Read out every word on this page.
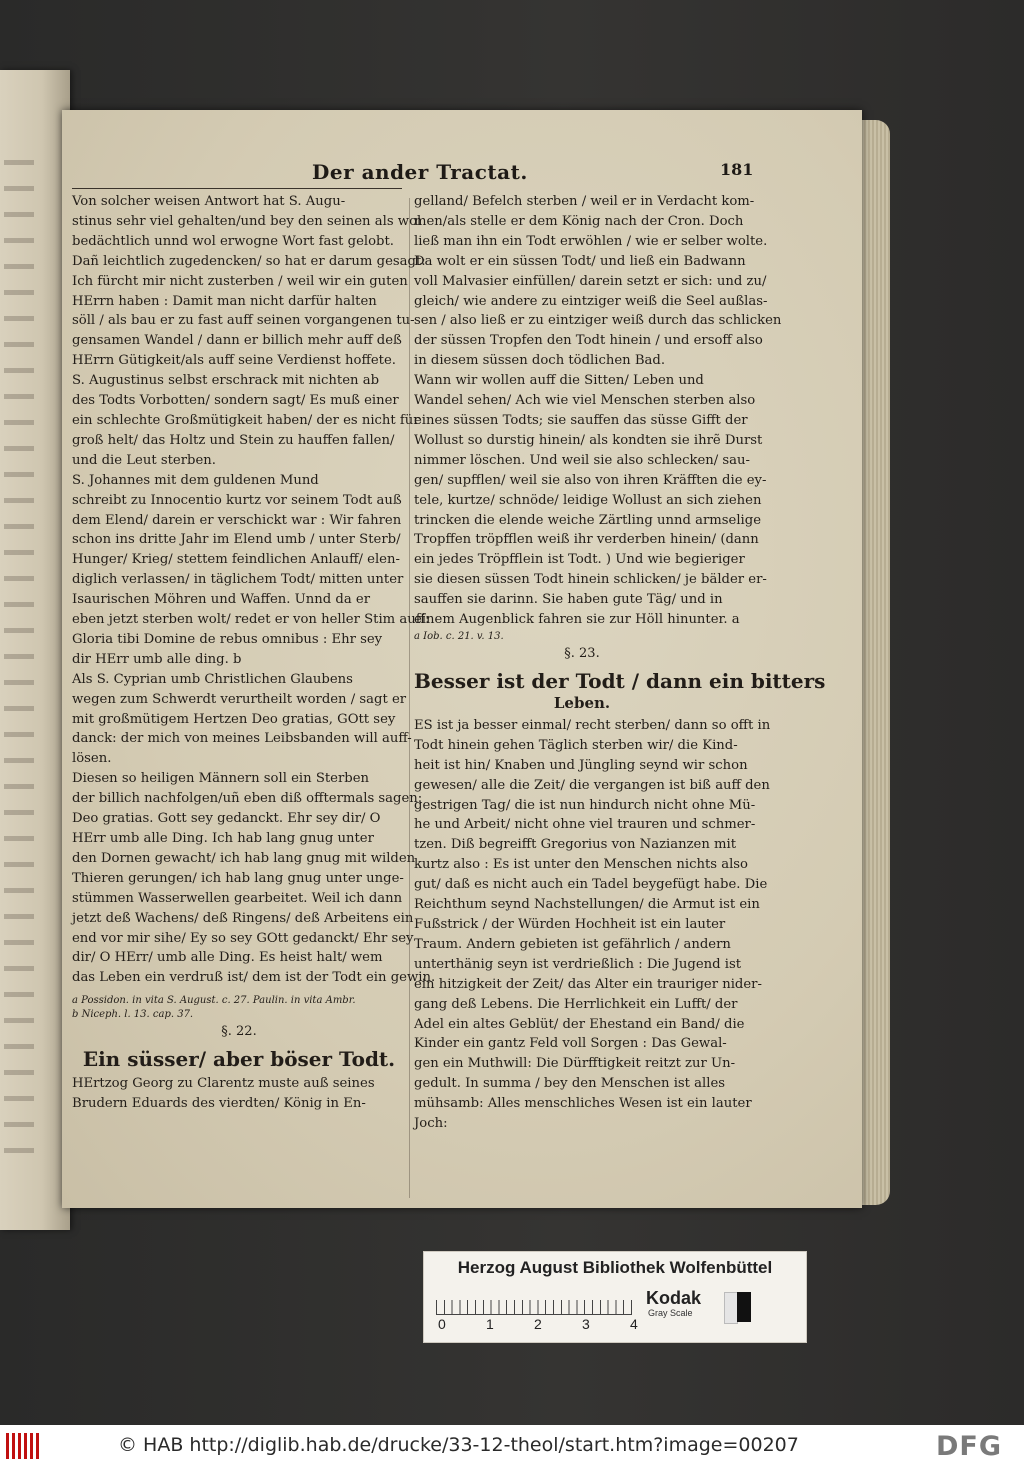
Der ander Tractat.	181

Von solcher weisen Antwort hat S. Augu-

stinus sehr viel gehalten/und bey den seinen als wol

bedächtlich unnd wol erwogne Wort fast gelobt.

Dañ leichtlich zugedencken/ so hat er darum gesagt:

Ich fürcht mir nicht zusterben / weil wir ein guten

HErrn haben : Damit man nicht darfür halten

söll / als bau er zu fast auff seinen vorgangenen tu-

gensamen Wandel / dann er billich mehr auff deß

HErrn Gütigkeit/als auff seine Verdienst hoffete.

S. Augustinus selbst erschrack mit nichten ab

des Todts Vorbotten/ sondern sagt/ Es muß einer

ein schlechte Großmütigkeit haben/ der es nicht für

groß helt/ das Holtz und Stein zu hauffen fallen/

und die Leut sterben.

S. Johannes mit dem guldenen Mund

schreibt zu Innocentio kurtz vor seinem Todt auß

dem Elend/ darein er verschickt war : Wir fahren

schon ins dritte Jahr im Elend umb / unter Sterb/

Hunger/ Krieg/ stettem feindlichen Anlauff/ elen-

diglich verlassen/ in täglichem Todt/ mitten unter

Isaurischen Möhren und Waffen. Unnd da er

eben jetzt sterben wolt/ redet er von heller Stim auff:

Gloria tibi Domine de rebus omnibus : Ehr sey

dir HErr umb alle ding. b

Als S. Cyprian umb Christlichen Glaubens

wegen zum Schwerdt verurtheilt worden / sagt er

mit großmütigem Hertzen Deo gratias, GOtt sey

danck: der mich von meines Leibsbanden will auff-

lösen.

Diesen so heiligen Männern soll ein Sterben

der billich nachfolgen/uñ eben diß offtermals sagen:

Deo gratias. Gott sey gedanckt. Ehr sey dir/ O

HErr umb alle Ding. Ich hab lang gnug unter

den Dornen gewacht/ ich hab lang gnug mit wilden

Thieren gerungen/ ich hab lang gnug unter unge-

stümmen Wasserwellen gearbeitet. Weil ich dann

jetzt deß Wachens/ deß Ringens/ deß Arbeitens ein

end vor mir sihe/ Ey so sey GOtt gedanckt/ Ehr sey

dir/ O HErr/ umb alle Ding. Es heist halt/ wem

das Leben ein verdruß ist/ dem ist der Todt ein gewin.

a Possidon. in vita S. August. c. 27. Paulin. in vita Ambr.

b Niceph. l. 13. cap. 37.

§. 22.

Ein süsser/ aber böser Todt.

HErtzog Georg zu Clarentz muste auß seines

Brudern Eduards des vierdten/ König in En-

gelland/ Befelch sterben / weil er in Verdacht kom-

men/als stelle er dem König nach der Cron. Doch

ließ man ihn ein Todt erwöhlen / wie er selber wolte.

Da wolt er ein süssen Todt/ und ließ ein Badwann

voll Malvasier einfüllen/ darein setzt er sich: und zu/

gleich/ wie andere zu eintziger weiß die Seel außlas-

sen / also ließ er zu eintziger weiß durch das schlicken

der süssen Tropfen den Todt hinein / und ersoff also

in diesem süssen doch tödlichen Bad.

Wann wir wollen auff die Sitten/ Leben und

Wandel sehen/ Ach wie viel Menschen sterben also

eines süssen Todts; sie sauffen das süsse Gifft der

Wollust so durstig hinein/ als kondten sie ihrẽ Durst

nimmer löschen. Und weil sie also schlecken/ sau-

gen/ supfflen/ weil sie also von ihren Kräfften die ey-

tele, kurtze/ schnöde/ leidige Wollust an sich ziehen

trincken die elende weiche Zärtling unnd armselige

Tropffen tröpfflen weiß ihr verderben hinein/ (dann

ein jedes Tröpfflein ist Todt. ) Und wie begieriger

sie diesen süssen Todt hinein schlicken/ je bälder er-

sauffen sie darinn. Sie haben gute Täg/ und in

einem Augenblick fahren sie zur Höll hinunter. a

a Iob. c. 21. v. 13.

§. 23.

Besser ist der Todt / dann ein bitters

Leben.

ES ist ja besser einmal/ recht sterben/ dann so offt in

Todt hinein gehen Täglich sterben wir/ die Kind-

heit ist hin/ Knaben und Jüngling seynd wir schon

gewesen/ alle die Zeit/ die vergangen ist biß auff den

gestrigen Tag/ die ist nun hindurch nicht ohne Mü-

he und Arbeit/ nicht ohne viel trauren und schmer-

tzen. Diß begreifft Gregorius von Nazianzen mit

kurtz also : Es ist unter den Menschen nichts also

gut/ daß es nicht auch ein Tadel beygefügt habe. Die

Reichthum seynd Nachstellungen/ die Armut ist ein

Fußstrick / der Würden Hochheit ist ein lauter

Traum. Andern gebieten ist gefährlich / andern

unterthänig seyn ist verdrießlich : Die Jugend ist

ein hitzigkeit der Zeit/ das Alter ein trauriger nider-

gang deß Lebens. Die Herrlichkeit ein Lufft/ der

Adel ein altes Geblüt/ der Ehestand ein Band/ die

Kinder ein gantz Feld voll Sorgen : Das Gewal-

gen ein Muthwill: Die Dürfftigkeit reitzt zur Un-

gedult. In summa / bey den Menschen ist alles

mühsamb: Alles menschliches Wesen ist ein lauter

Joch:

Herzog August Bibliothek Wolfenbüttel
0	1	2	3	4
Kodak
Gray Scale
© HAB http://diglib.hab.de/drucke/33-12-theol/start.htm?image=00207	DFG
